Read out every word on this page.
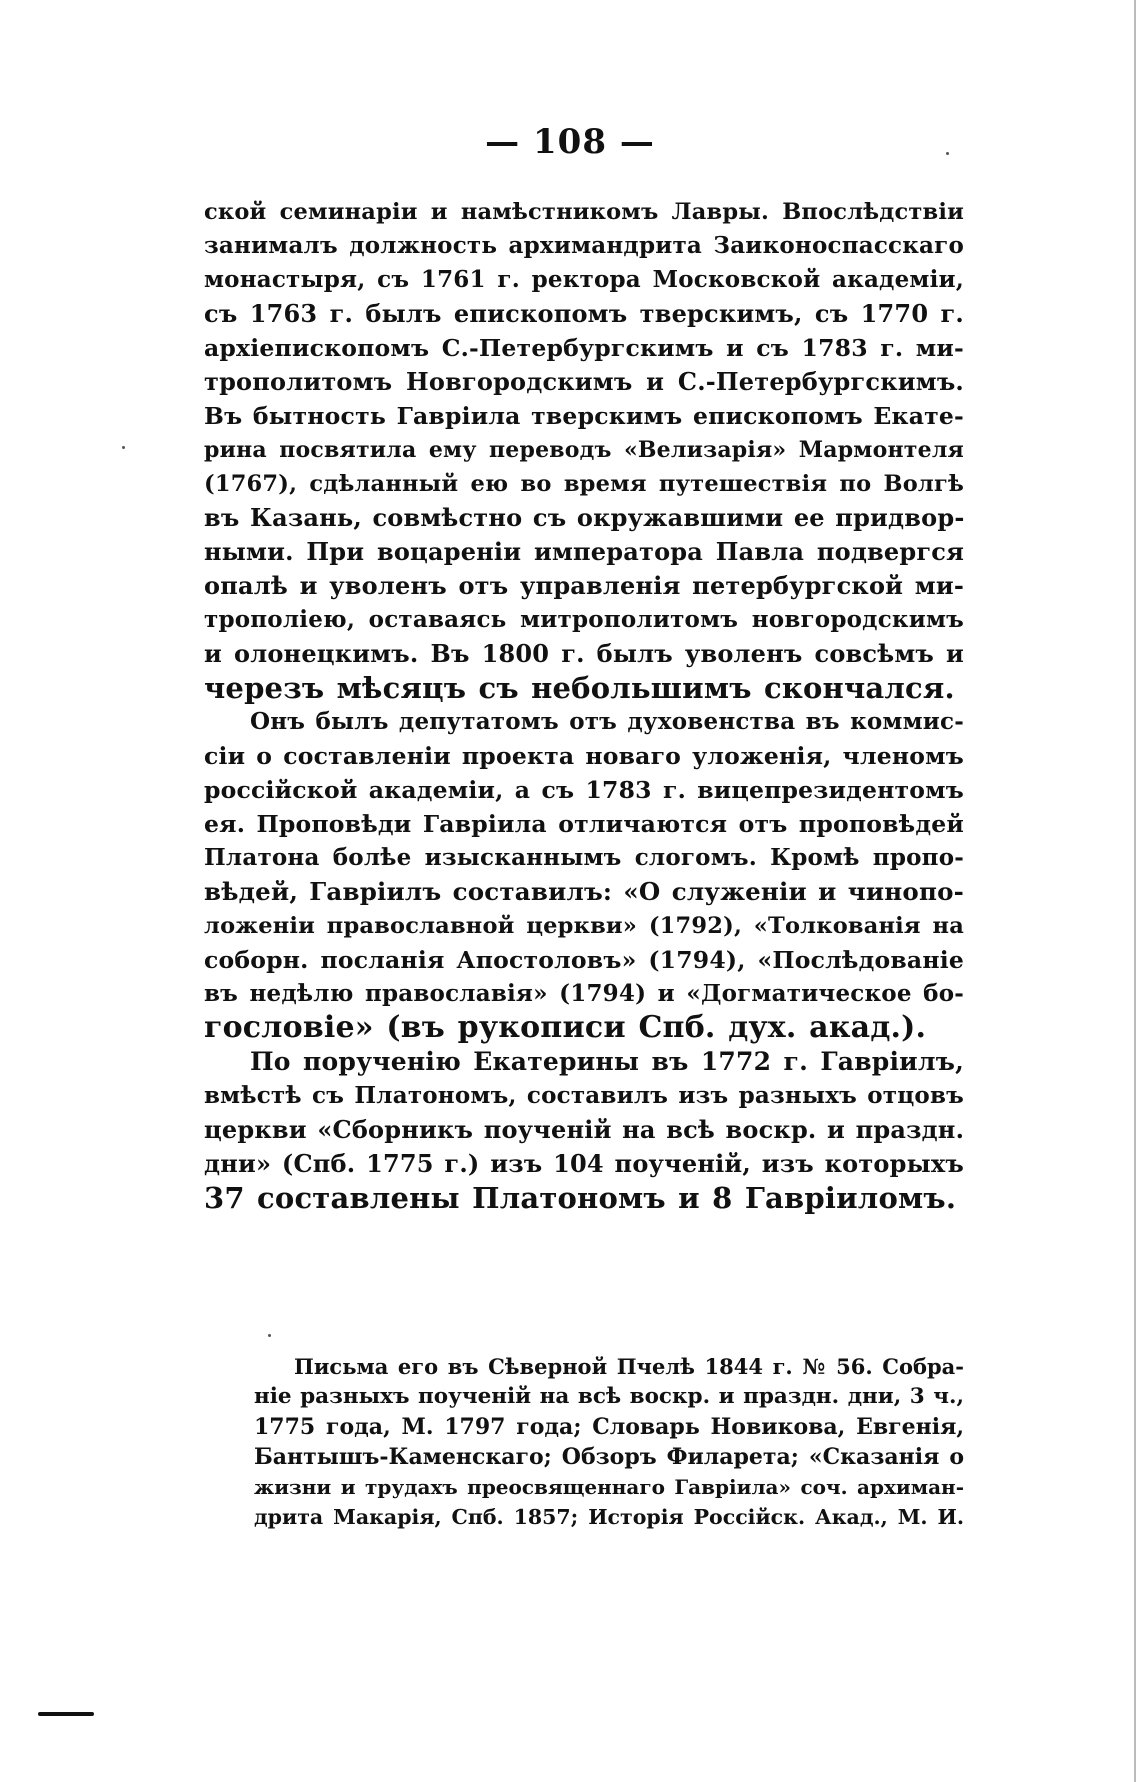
— 108 —
ской семинаріи и намѣстникомъ Лавры. Впослѣдствіи
занималъ должность архимандрита Заиконоспасскаго
монастыря, съ 1761 г. ректора Московской академіи,
съ 1763 г. былъ епископомъ тверскимъ, съ 1770 г.
архіепископомъ С.-Петербургскимъ и съ 1783 г. ми-
трополитомъ Новгородскимъ и С.-Петербургскимъ.
Въ бытность Гавріила тверскимъ епископомъ Екате-
рина посвятила ему переводъ «Велизарія» Мармонтеля
(1767), сдѣланный ею во время путешествія по Волгѣ
въ Казань, совмѣстно съ окружавшими ее придвор-
ными. При воцареніи императора Павла подвергся
опалѣ и уволенъ отъ управленія петербургской ми-
трополіею, оставаясь митрополитомъ новгородскимъ
и олонецкимъ. Въ 1800 г. былъ уволенъ совсѣмъ и
черезъ мѣсяцъ съ небольшимъ скончался.
Онъ былъ депутатомъ отъ духовенства въ коммис-
сіи о составленіи проекта новаго уложенія, членомъ
россійской академіи, а съ 1783 г. вицепрезидентомъ
ея. Проповѣди Гавріила отличаются отъ проповѣдей
Платона болѣе изысканнымъ слогомъ. Кромѣ пропо-
вѣдей, Гавріилъ составилъ: «О служеніи и чинопо-
ложеніи православной церкви» (1792), «Толкованія на
соборн. посланія Апостоловъ» (1794), «Послѣдованіе
въ недѣлю православія» (1794) и «Догматическое бо-
гословіе» (въ рукописи Спб. дух. акад.).
По порученію Екатерины въ 1772 г. Гавріилъ,
вмѣстѣ съ Платономъ, составилъ изъ разныхъ отцовъ
церкви «Сборникъ поученій на всѣ воскр. и праздн.
дни» (Спб. 1775 г.) изъ 104 поученій, изъ которыхъ
37 составлены Платономъ и 8 Гавріиломъ.
Письма его въ Сѣверной Пчелѣ 1844 г. № 56. Собра-
ніе разныхъ поученій на всѣ воскр. и праздн. дни, 3 ч.,
1775 года, М. 1797 года; Словарь Новикова, Евгенія,
Бантышъ-Каменскаго; Обзоръ Филарета; «Сказанія о
жизни и трудахъ преосвященнаго Гавріила» соч. архиман-
дрита Макарія, Спб. 1857; Исторія Россійск. Акад., М. И.
